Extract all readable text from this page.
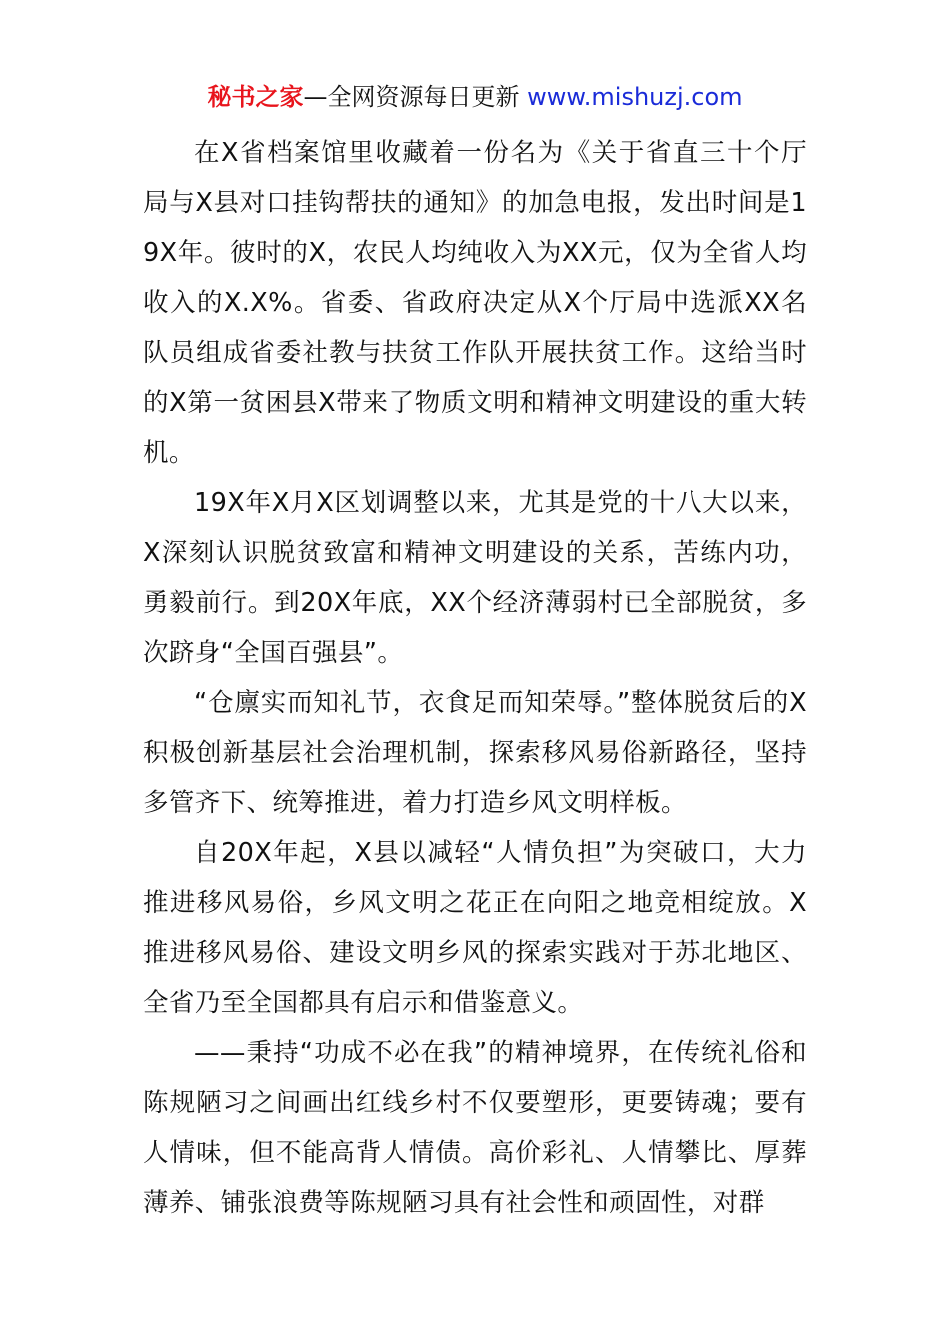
秘书之家—全网资源每日更新 www.mishuzj.com

在X省档案馆里收藏着一份名为《关于省直三十个厅局与X县对口挂钩帮扶的通知》的加急电报，发出时间是19X年。彼时的X，农民人均纯收入为XX元，仅为全省人均收入的X.X%。省委、省政府决定从X个厅局中选派XX名队员组成省委社教与扶贫工作队开展扶贫工作。这给当时的X第一贫困县X带来了物质文明和精神文明建设的重大转机。

19X年X月X区划调整以来，尤其是党的十八大以来，X深刻认识脱贫致富和精神文明建设的关系，苦练内功，勇毅前行。到20X年底，XX个经济薄弱村已全部脱贫，多次跻身“全国百强县”。

“仓廪实而知礼节，衣食足而知荣辱。”整体脱贫后的X积极创新基层社会治理机制，探索移风易俗新路径，坚持多管齐下、统筹推进，着力打造乡风文明样板。

自20X年起，X县以减轻“人情负担”为突破口，大力推进移风易俗，乡风文明之花正在向阳之地竞相绽放。X推进移风易俗、建设文明乡风的探索实践对于苏北地区、全省乃至全国都具有启示和借鉴意义。

——秉持“功成不必在我”的精神境界，在传统礼俗和陈规陋习之间画出红线乡村不仅要塑形，更要铸魂；要有人情味，但不能高背人情债。高价彩礼、人情攀比、厚葬薄养、铺张浪费等陈规陋习具有社会性和顽固性，对群
